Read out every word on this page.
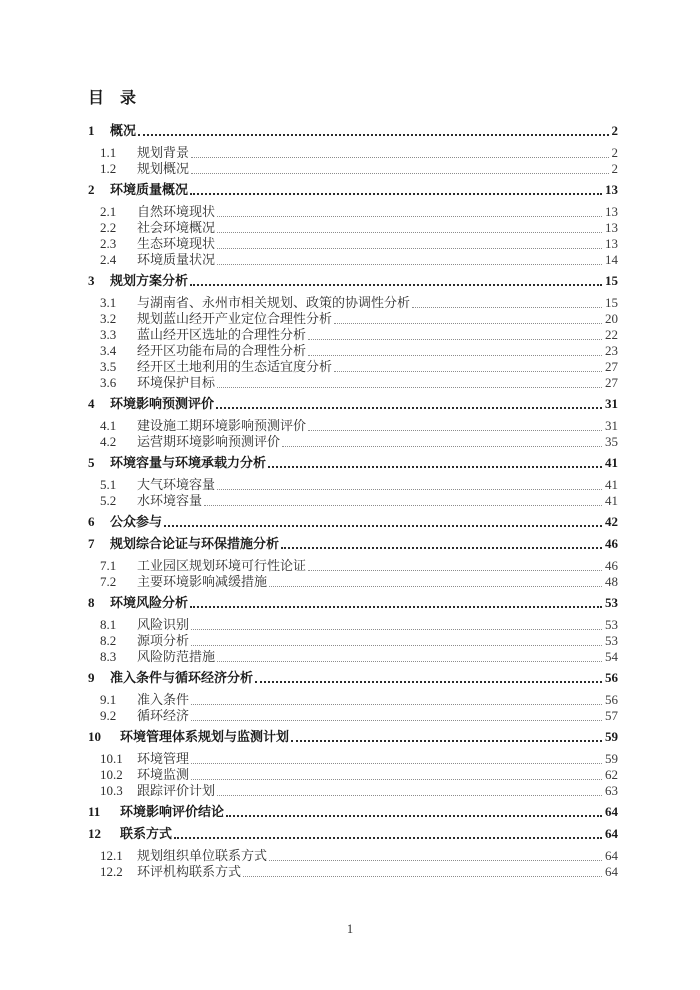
目　录
1	概况	2
1.1	规划背景	2
1.2	规划概况	2
2	环境质量概况	13
2.1	自然环境现状	13
2.2	社会环境概况	13
2.3	生态环境现状	13
2.4	环境质量状况	14
3	规划方案分析	15
3.1	与湖南省、永州市相关规划、政策的协调性分析	15
3.2	规划蓝山经开产业定位合理性分析	20
3.3	蓝山经开区选址的合理性分析	22
3.4	经开区功能布局的合理性分析	23
3.5	经开区土地利用的生态适宜度分析	27
3.6	环境保护目标	27
4	环境影响预测评价	31
4.1	建设施工期环境影响预测评价	31
4.2	运营期环境影响预测评价	35
5	环境容量与环境承载力分析	41
5.1	大气环境容量	41
5.2	水环境容量	41
6	公众参与	42
7	规划综合论证与环保措施分析	46
7.1	工业园区规划环境可行性论证	46
7.2	主要环境影响减缓措施	48
8	环境风险分析	53
8.1	风险识别	53
8.2	源项分析	53
8.3	风险防范措施	54
9	准入条件与循环经济分析	56
9.1	准入条件	56
9.2	循环经济	57
10	环境管理体系规划与监测计划	59
10.1	环境管理	59
10.2	环境监测	62
10.3	跟踪评价计划	63
11	环境影响评价结论	64
12	联系方式	64
12.1	规划组织单位联系方式	64
12.2	环评机构联系方式	64
1
